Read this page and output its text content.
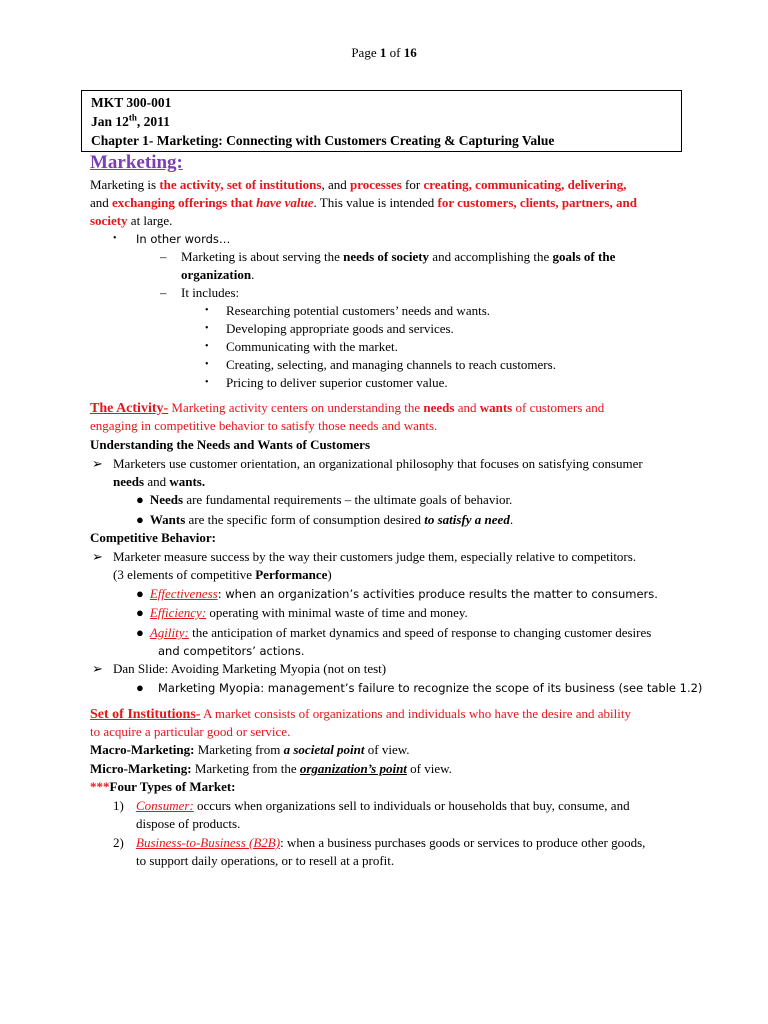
Page 1 of 16
MKT 300-001
Jan 12th, 2011
Chapter 1- Marketing: Connecting with Customers Creating & Capturing Value
Marketing:
Marketing is the activity, set of institutions, and processes for creating, communicating, delivering,
and exchanging offerings that have value. This value is intended for customers, clients, partners, and
society at large.
• In other words…
– Marketing is about serving the needs of society and accomplishing the goals of the
organization.
– It includes:
• Researching potential customers’ needs and wants.
• Developing appropriate goods and services.
• Communicating with the market.
• Creating, selecting, and managing channels to reach customers.
• Pricing to deliver superior customer value.
The Activity- Marketing activity centers on understanding the needs and wants of customers and
engaging in competitive behavior to satisfy those needs and wants.
Understanding the Needs and Wants of Customers
➢ Marketers use customer orientation, an organizational philosophy that focuses on satisfying consumer
needs and wants.
● Needs are fundamental requirements – the ultimate goals of behavior.
● Wants are the specific form of consumption desired to satisfy a need.
Competitive Behavior:
➢ Marketer measure success by the way their customers judge them, especially relative to competitors.
(3 elements of competitive Performance)
● Effectiveness: when an organization’s activities produce results the matter to consumers.
● Efficiency: operating with minimal waste of time and money.
● Agility: the anticipation of market dynamics and speed of response to changing customer desires
and competitors’ actions.
➢ Dan Slide: Avoiding Marketing Myopia (not on test)
● Marketing Myopia: management’s failure to recognize the scope of its business (see table 1.2)
Set of Institutions- A market consists of organizations and individuals who have the desire and ability
to acquire a particular good or service.
Macro-Marketing: Marketing from a societal point of view.
Micro-Marketing: Marketing from the organization’s point of view.
***Four Types of Market:
1) Consumer: occurs when organizations sell to individuals or households that buy, consume, and
dispose of products.
2) Business-to-Business (B2B): when a business purchases goods or services to produce other goods,
to support daily operations, or to resell at a profit.
